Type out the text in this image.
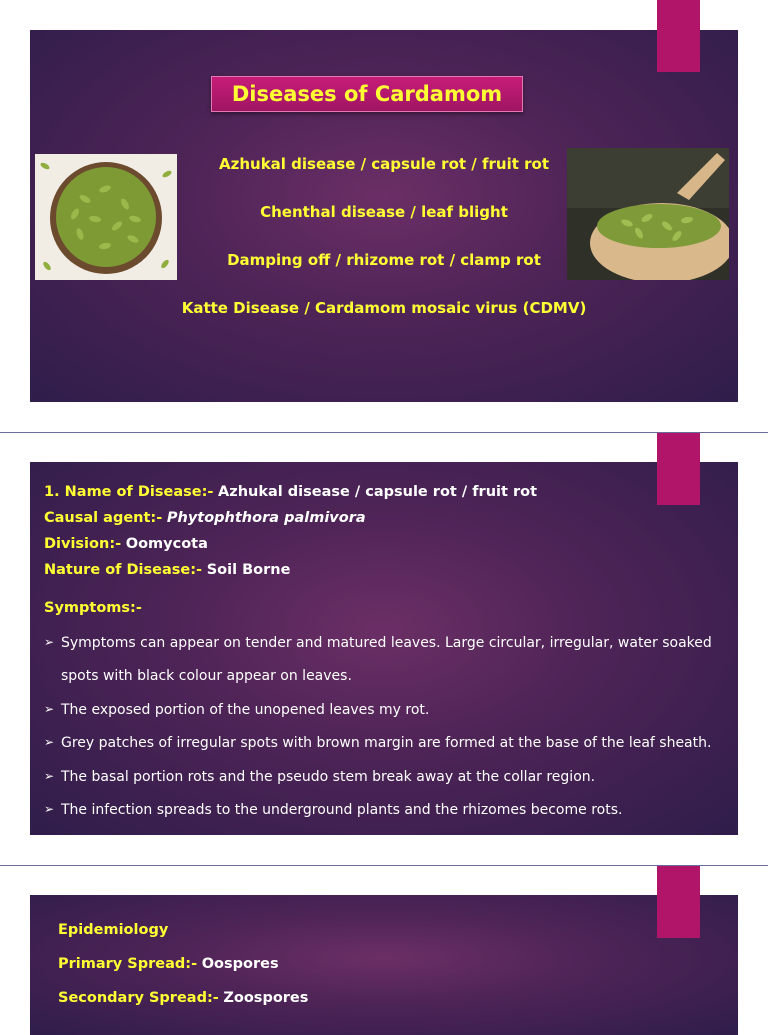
Diseases of Cardamom
Azhukal disease / capsule rot / fruit rot
Chenthal disease / leaf blight
Damping off / rhizome rot / clamp rot
Katte Disease / Cardamom mosaic virus (CDMV)
1. Name of Disease:- Azhukal disease / capsule rot / fruit rot
Causal agent:- Phytophthora palmivora
Division:- Oomycota
Nature of Disease:- Soil Borne
Symptoms:-
➢ Symptoms can appear on tender and matured leaves. Large circular, irregular, water soaked
spots with black colour appear on leaves.
➢ The exposed portion of the unopened leaves my rot.
➢ Grey patches of irregular spots with brown margin are formed at the base of the leaf sheath.
➢ The basal portion rots and the pseudo stem break away at the collar region.
➢ The infection spreads to the underground plants and the rhizomes become rots.
Epidemiology
Primary Spread:- Oospores
Secondary Spread:- Zoospores
